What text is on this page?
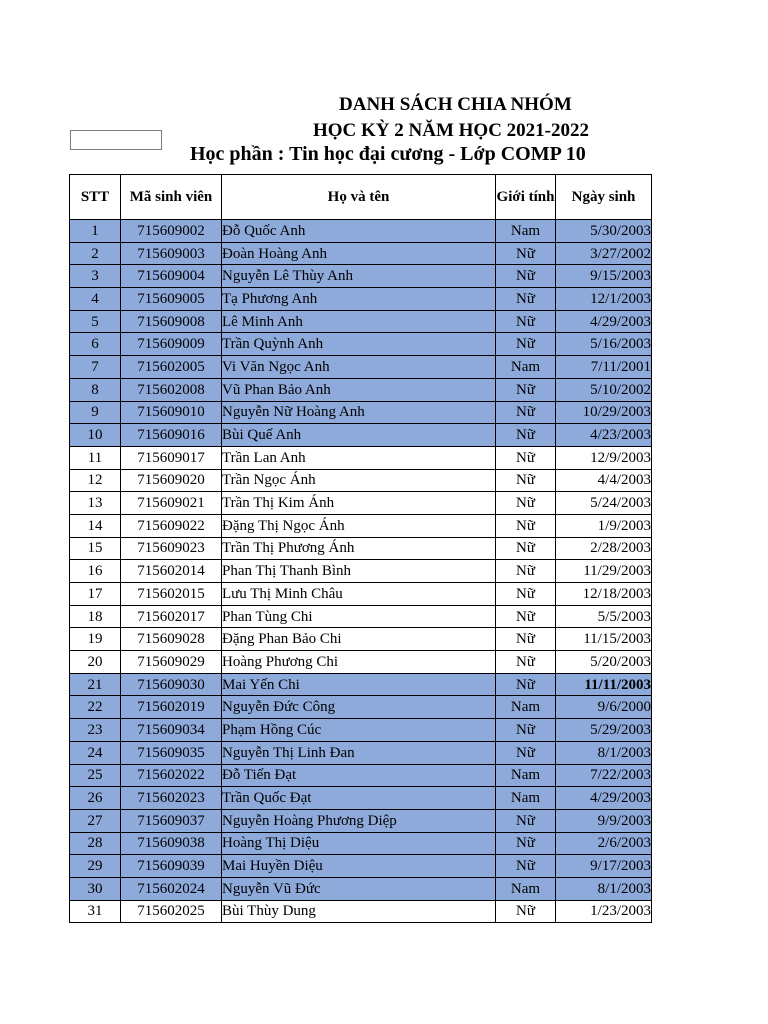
DANH SÁCH CHIA NHÓM
HỌC KỲ 2 NĂM HỌC 2021-2022
Học phần : Tin học đại cương - Lớp COMP 10
STT	Mã sinh viên	Họ và tên	Giới tính	Ngày sinh
1	715609002	Đỗ Quốc Anh	Nam	5/30/2003
2	715609003	Đoàn Hoàng Anh	Nữ	3/27/2002
3	715609004	Nguyễn Lê Thùy Anh	Nữ	9/15/2003
4	715609005	Tạ Phương Anh	Nữ	12/1/2003
5	715609008	Lê Minh Anh	Nữ	4/29/2003
6	715609009	Trần Quỳnh Anh	Nữ	5/16/2003
7	715602005	Vi Văn Ngọc Anh	Nam	7/11/2001
8	715602008	Vũ Phan Bảo Anh	Nữ	5/10/2002
9	715609010	Nguyễn Nữ Hoàng Anh	Nữ	10/29/2003
10	715609016	Bùi Quế Anh	Nữ	4/23/2003
11	715609017	Trần Lan Anh	Nữ	12/9/2003
12	715609020	Trần Ngọc Ánh	Nữ	4/4/2003
13	715609021	Trần Thị Kim Ánh	Nữ	5/24/2003
14	715609022	Đặng Thị Ngọc Ánh	Nữ	1/9/2003
15	715609023	Trần Thị Phương Ánh	Nữ	2/28/2003
16	715602014	Phan Thị Thanh Bình	Nữ	11/29/2003
17	715602015	Lưu Thị Minh Châu	Nữ	12/18/2003
18	715602017	Phan Tùng Chi	Nữ	5/5/2003
19	715609028	Đặng Phan Bảo Chi	Nữ	11/15/2003
20	715609029	Hoàng Phương Chi	Nữ	5/20/2003
21	715609030	Mai Yến Chi	Nữ	11/11/2003
22	715602019	Nguyễn Đức Công	Nam	9/6/2000
23	715609034	Phạm Hồng Cúc	Nữ	5/29/2003
24	715609035	Nguyễn Thị Linh Đan	Nữ	8/1/2003
25	715602022	Đỗ Tiến Đạt	Nam	7/22/2003
26	715602023	Trần Quốc Đạt	Nam	4/29/2003
27	715609037	Nguyễn Hoàng Phương Diệp	Nữ	9/9/2003
28	715609038	Hoàng Thị Diệu	Nữ	2/6/2003
29	715609039	Mai Huyền Diệu	Nữ	9/17/2003
30	715602024	Nguyễn Vũ Đức	Nam	8/1/2003
31	715602025	Bùi Thùy Dung	Nữ	1/23/2003
